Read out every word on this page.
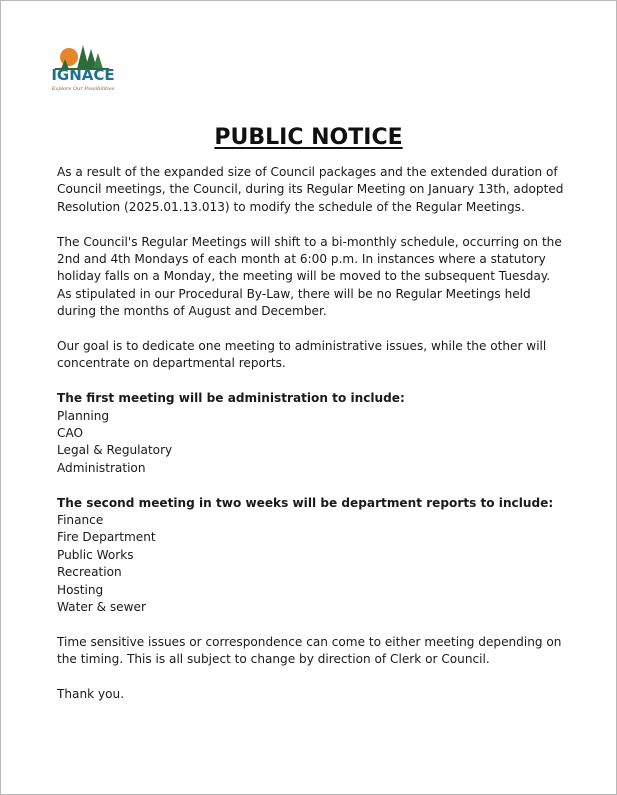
IGNACE
Explore Our Possibilities
PUBLIC NOTICE

As a result of the expanded size of Council packages and the extended duration of Council meetings, the Council, during its Regular Meeting on January 13th, adopted Resolution (2025.01.13.013) to modify the schedule of the Regular Meetings.

The Council's Regular Meetings will shift to a bi-monthly schedule, occurring on the 2nd and 4th Mondays of each month at 6:00 p.m. In instances where a statutory holiday falls on a Monday, the meeting will be moved to the subsequent Tuesday. As stipulated in our Procedural By-Law, there will be no Regular Meetings held during the months of August and December.

Our goal is to dedicate one meeting to administrative issues, while the other will concentrate on departmental reports.

The first meeting will be administration to include:
Planning
CAO
Legal & Regulatory
Administration
The second meeting in two weeks will be department reports to include:
Finance
Fire Department
Public Works
Recreation
Hosting
Water & sewer

Time sensitive issues or correspondence can come to either meeting depending on the timing. This is all subject to change by direction of Clerk or Council.

Thank you.
